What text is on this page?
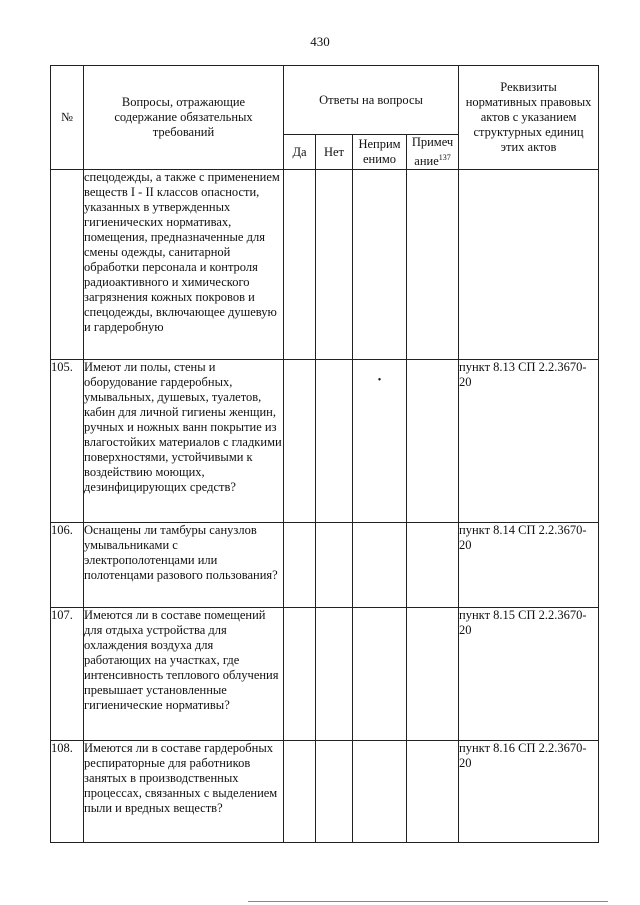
430
№	Вопросы, отражающие содержание обязательных требований	Ответы на вопросы				Реквизиты нормативных правовых актов с указанием структурных единиц этих актов
		Да	Нет	Неприм енимо	Примеч ание$^{137}$
	спецодежды, а также с применением веществ I - II классов опасности, указанных в утвержденных гигиенических нормативах, помещения, предназначенные для смены одежды, санитарной обработки персонала и контроля радиоактивного и химического загрязнения кожных покровов и спецодежды, включающее душевую и гардеробную			

105.	Имеют ли полы, стены и оборудование гардеробных, умывальных, душевых, туалетов, кабин для личной гигиены женщин, ручных и ножных ванн покрытие из влагостойких материалов с гладкими поверхностями, устойчивыми к воздействию моющих, дезинфицирующих средств?			•		пункт 8.13 СП 2.2.3670-20
106.	Оснащены ли тамбуры санузлов умывальниками с электрополотенцами или полотенцами разового пользования?					пункт 8.14 СП 2.2.3670-20
107.	Имеются ли в составе помещений для отдыха устройства для охлаждения воздуха для работающих на участках, где интенсивность теплового облучения превышает установленные гигиенические нормативы?					пункт 8.15 СП 2.2.3670-20
108.	Имеются ли в составе гардеробных респираторные для работников занятых в производственных процессах, связанных с выделением пыли и вредных веществ?					пункт 8.16 СП 2.2.3670-20
